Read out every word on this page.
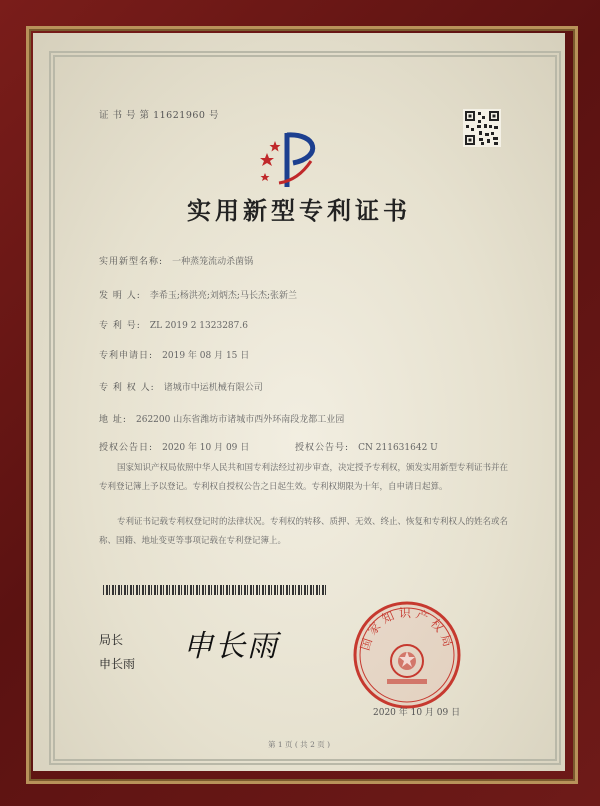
证 书 号 第 11621960 号
实用新型专利证书
实用新型名称: 一种蒸笼流动杀菌锅
发 明 人: 李希玉;杨洪亮;刘炳杰;马长杰;张新兰
专 利 号: ZL 2019 2 1323287.6
专利申请日: 2019 年 08 月 15 日
专 利 权 人: 诸城市中运机械有限公司
地 址: 262200 山东省潍坊市诸城市西外环南段龙都工业园
授权公告日: 2020 年 10 月 09 日	授权公告号: CN 211631642 U
国家知识产权局依照中华人民共和国专利法经过初步审查，决定授予专利权，颁发实用新型专利证书并在专利登记簿上予以登记。专利权自授权公告之日起生效。专利权期限为十年，自申请日起算。
专利证书记载专利权登记时的法律状况。专利权的转移、质押、无效、终止、恢复和专利权人的姓名或名称、国籍、地址变更等事项记载在专利登记簿上。
局长
申长雨 申长雨	国家知识产权局
2020 年 10 月 09 日
第 1 页 ( 共 2 页 )
